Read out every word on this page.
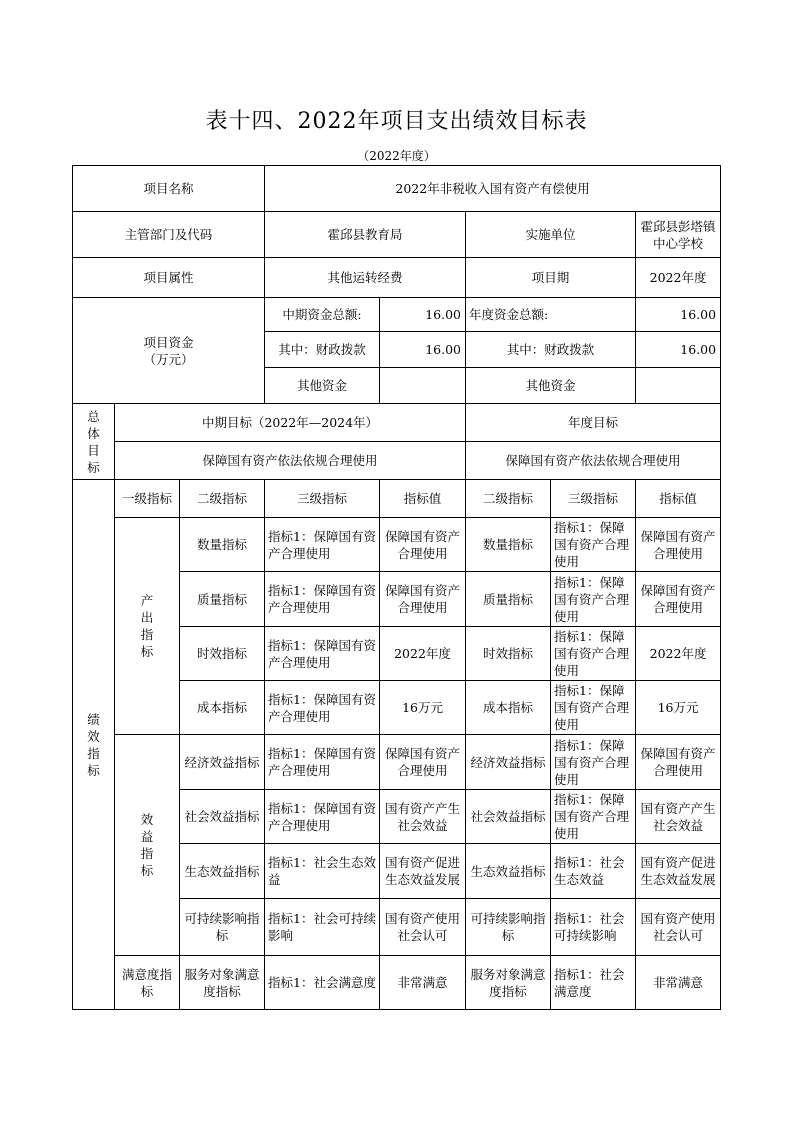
表十四、2022年项目支出绩效目标表
（2022年度）
项目名称			2022年非税收入国有资产有偿使用				
主管部门及代码			霍邱县教育局		实施单位		霍邱县彭塔镇中心学校
项目属性			其他运转经费		项目期		2022年度

项目资金
（万元）			中期资金总额:	16.00	年度资金总额:		16.00
			其中：财政拨款	16.00	其中：财政拨款		16.00
			其他资金		其他资金		

总
体
目
标	中期目标（2022年—2024年）				年度目标		
	保障国有资产依法依规合理使用				保障国有资产依法依规合理使用		

绩
效
指
标	一级指标	二级指标	三级指标	指标值	二级指标	三级指标	指标值

	产
出
指
标	数量指标	指标1：保障国有资产合理使用	保障国有资产合理使用	数量指标	指标1：保障国有资产合理使用	保障国有资产合理使用
		质量指标	指标1：保障国有资产合理使用	保障国有资产合理使用	质量指标	指标1：保障国有资产合理使用	保障国有资产合理使用
		时效指标	指标1：保障国有资产合理使用	2022年度	时效指标	指标1：保障国有资产合理使用	2022年度
		成本指标	指标1：保障国有资产合理使用	16万元	成本指标	指标1：保障国有资产合理使用	16万元

	效
益
指
标	经济效益指标	指标1：保障国有资产合理使用	保障国有资产合理使用	经济效益指标	指标1：保障国有资产合理使用	保障国有资产合理使用
		社会效益指标	指标1：保障国有资产合理使用	国有资产产生社会效益	社会效益指标	指标1：保障国有资产合理使用	国有资产产生社会效益
		生态效益指标	指标1：社会生态效益	国有资产促进生态效益发展	生态效益指标	指标1：社会生态效益	国有资产促进生态效益发展
		可持续影响指标	指标1：社会可持续影响	国有资产使用社会认可	可持续影响指标	指标1：社会可持续影响	国有资产使用社会认可
	满意度指标	服务对象满意度指标	指标1：社会满意度	非常满意	服务对象满意度指标	指标1：社会满意度	非常满意
